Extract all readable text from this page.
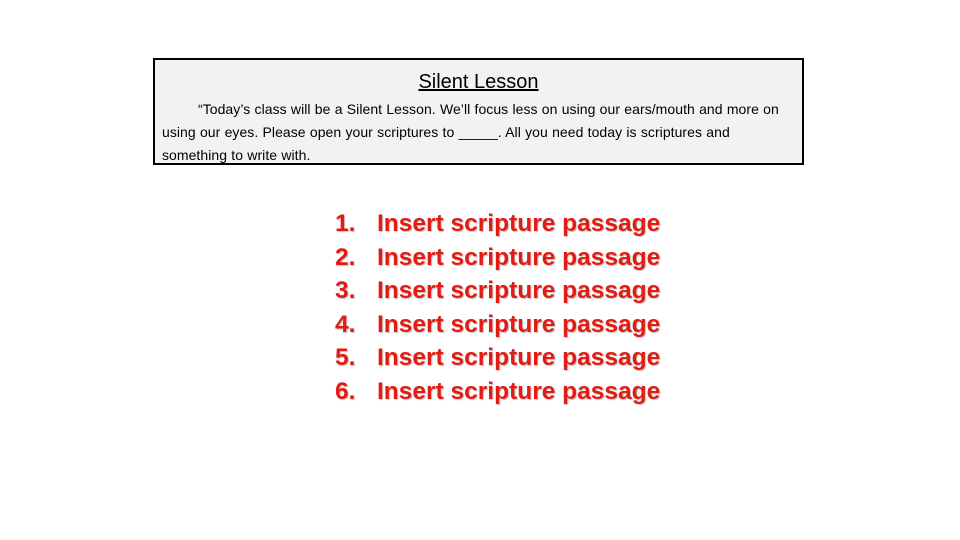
Silent Lesson
“Today’s class will be a Silent Lesson. We’ll focus less on using our ears/mouth and more on using our eyes. Please open your scriptures to _____. All you need today is scriptures and something to write with.
1. Insert scripture passage
2. Insert scripture passage
3. Insert scripture passage
4. Insert scripture passage
5. Insert scripture passage
6. Insert scripture passage
